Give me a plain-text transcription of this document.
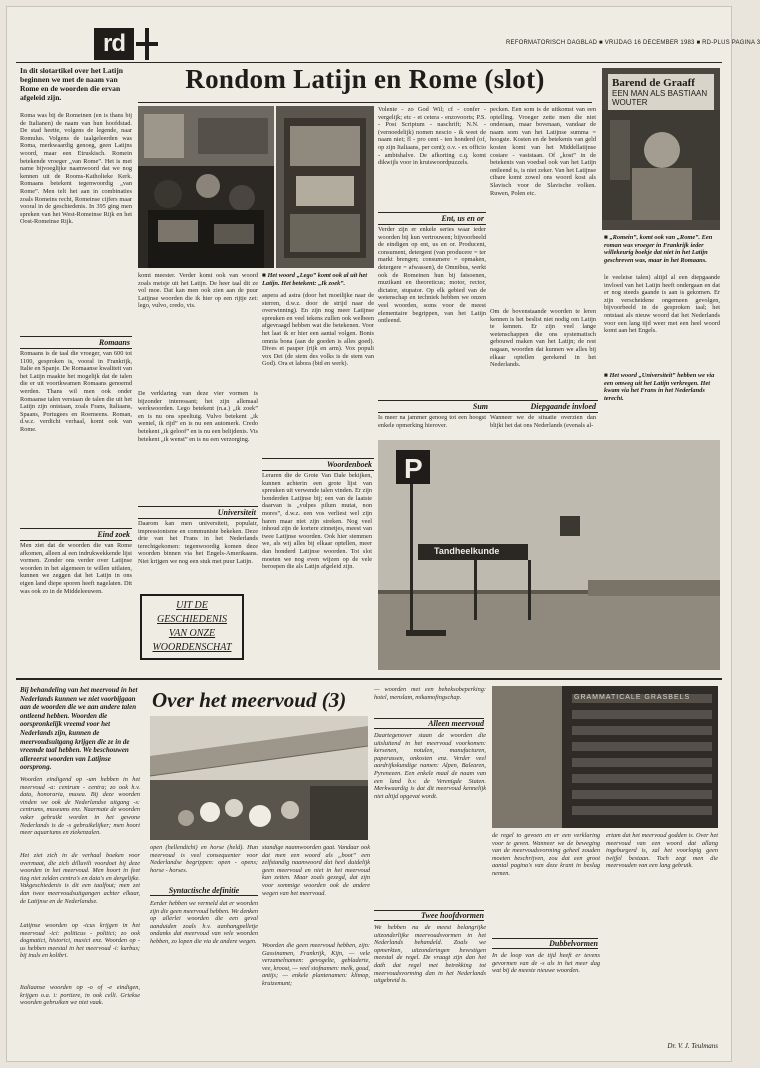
rd	REFORMATORISCH DAGBLAD ■ VRIJDAG 16 DECEMBER 1983 ■ RD-PLUS PAGINA 3
In dit slotartikel over het Latijn beginnen we met de naam van Rome en de woorden die ervan afgeleid zijn.
Roma was bij de Romeinen (en is thans bij de Italianen) de naam van hun hoofdstad. De stad heette, volgens de legende, naar Romulus. Volgens de taalgeleerden was Roma, merkwaardig genoeg, geen Latijns woord, maar een Etruskisch. Romein betekende vroeger „van Rome”. Het is met name bijvoeglijke naamwoord dat we nog kennen uit de Rooms-Katholieke Kerk. Romaans betekent tegenwoordig „van Rome”. Men telt het aan in combinaties zoals Romeins recht, Romeinse cijfers maar vooral in de geschiedenis. In 395 ging men spreken van het West-Romeinse Rijk en het Oost-Romeinse Rijk.
Romaans
Romaans is de taal die vroeger, van 600 tot 1100, gesproken is, vooral in Frankrijk, Italie en Spanje. De Romaanse kwaliteit van het Latijn maakte het mogelijk dat de talen die er uit voortkwamen Romaans genoemd werden. Thans wil men ook onder Romaanse talen verstaan de talen die uit het Latijn zijn ontstaan, zoals Frans, Italiaans, Spaans, Portugees en Roemeens. Roman, d.w.z. verdicht verhaal, komt ook van Rome.
Eind zoek
Men ziet dat de woorden die van Rome afkomen, alleen al een indrukwekkende lijst vormen. Zonder ons verder over Latijnse woorden in het algemeen te willen uitlaten, kunnen we zeggen dat het Latijn in ons eigen land diepe sporen heeft nagelaten. Dit was ook zo in de Middeleeuwen.
Rondom Latijn en Rome (slot)
komt meester. Verder komt ook van woord zoals meisje uit het Latijn. De heer taal dit ze vol moe. Dat kan men ook zien aan de puur Latijnse woorden die ik hier op een rijtje zet: lego, vulvo, credo, vis.
De verklaring van deze vier vormen is bijzonder interessant; het zijn allemaal werkwoorden. Lego betekent (n.a.) „ik zoek” en is nu ons speeltuig. Vulvo betekent „ik wentel, ik rijd” en is nu een automerk. Credo betekent „ik geloof” en is nu een belijdenis. Vis betekent „ik wenst” en is nu een verzorging.
Universiteit
Daarom kan men universiteit, populair, impressionisme en communiste bekeken. Deze drie van het Frans in het Nederlands terechtgekomen: tegenwoordig komen deze woorden binnen via het Engels-Amerikaans. Niet krijgen we nog een stuk met puur Latijn.
UIT DE
GESCHIEDENIS
VAN ONZE
WOORDENSCHAT
■ Het woord „Lego” komt ook al uit het Latijn. Het betekent: „Ik zoek”.
aspera ad astra (door het moeilijke naar de sterren, d.w.z. door de strijd naar de overwinning). En zijn nog meer Latijnse spreuken en veel tekens zullen ook welbeen afgevraagd hebben wat die betekenen. Voor het laat ik er hier een aantal volgen. Bonis omnia bona (aan de goeden is alles goed). Dives et pauper (rijk en arm). Vox populi vox Dei (de stem des volks is de stem van God). Ora et labora (bid en werk).
Volente - zo God Wil; cf - confer - vergelijk; etc - et cetera - enzovoorts; P.S. - Post Scriptum - naschrift; N.N. - (vernoedelijk) nomen nescio - ik weet de naam niet; fl - pro cent - ten honderd (of, op zijn Italiaans, per cent); o.v. - ex officio - ambtshalve. De afkorting c.q. komt dikwijls voor in kruiswoordpuzzels.
Ent, us en or
Verder zijn er enkele series waar ieder woorden bij kun vertrouwen; bijvoorbeeld de eindigen op ent, us en or. Producent, consument, detergent (van producere = ter markt brengen; consumere = opmaken, detergere = afwassen), de Omnibus, werkt ook de Romeinen hun bij fatsoenen, muzikant en theoreticus; motor, rector, dictator, stupator. Op elk gebied van de wetenschap en techniek hebben we onzen veel woorden, soms voor de meest elementaire begrippen, van het Latijn ontleend.
pecken. Een som is de uitkomst van een optelling. Vroeger zette men die niet onderaan, maar bovenaan, vandaar de naam som van het Latijnse summa = hoogste. Kosten en de betekenis van geld kosten komt van het Middellatijnse costare - vaststaan. Of „kost” in de betekenis van voedsel ook van het Latijn ontleend is, is niet zeker. Van het Latijnse cibare komt zowel ons woord kost als Slavisch voor de Slavische volken. Ruwen, Polen etc.
Om de bovenstaande woorden te leren kennen is het beslist niet nodig om Latijn te kennen. Er zijn veel lange wetenschappen die ons systematisch gebouwd maken van het Latijn; de rest nagaan, woorden dat kunnen we alles bij elkaar optellen gerekend in het Nederlands.
Sum
Is meer na jammer genoeg tot een hoogst enkele opmerking hierover.
Diepgaande invloed
Wanneer we de situatie overzien dan blijkt het dat ons Nederlands (evenals al-
Barend de Graaff
EEN MAN ALS BASTIAAN WOUTER
■ „Romein”, komt ook van „Rome”. Een roman was vroeger in Frankrijk ieder willekeurig boekje dat niet in het Latijn geschreven was, maar in het Romaans.
le veeleise talen) altijd al een diepgaande invloed van het Latijn heeft ondergaan en dat er nog steeds gaande is aan is gekomen. Er zijn verscheidene ongemeen gevolgen, bijvoorbeeld in de gesproken taal; het ontstaat als nieuw woord dat het Nederlands voor een lang tijd weer met een heel woord komt aan het Engels.
■ Het woord „Universiteit” hebben we via een omweg uit het Latijn verkregen. Het kwam via het Frans in het Nederlands terecht.
Woordenboek
Leraren die de Grote Van Dale bekijken, kunnen achterin een grote lijst van spreuken uit verwende talen vinden. Er zijn honderden Latijnse bij; een van de laatste daarvan is „vulpes pilum mutat, non mores”, d.w.z. een vos verliest wel zijn haren maar niet zijn streken. Nog veel inhoud zijn de kortere zinnetjes, meest van twee Latijnse woorden. Ook hier stemmen we, als wij alles bij elkaar optellen, meer dan honderd Latijnse woorden. Tot slot moeten we nog even wijzen op de vele beroepen die als Latijn afgeleid zijn.
P
Tandheelkunde
Bij behandeling van het meervoud in het Nederlands kunnen we niet voorbijgaan aan de woorden die we aan andere talen ontleend hebben. Woorden die oorspronkelijk vreemd voor het Nederlands zijn, kunnen de meervoudsuitgang krijgen die ze in de vreemde taal hebben. We beschouwen allereerst woorden van Latijnse oorsprong.
Woorden eindigend op -um hebben in het meervoud -a: centrum - centra; zo ook h.v. data, honoraria, musea. Bij deze woorden vinden we ook de Nederlandse uitgang -s: centrums, museums enz. Naarmate de woorden vaker gebruikt worden in het gewone Nederlands is de -s gebruikelijker; men hoort meer aquariums en ziekenzalen.
Het ziet zich in de verhaal boeken voor overmaat, die zich dilluvili voordoet bij deze woorden in het meervoud. Men hoort in feet tieg niet zelden centra's en data's en dergelijke. Vakgeschiedenis is dit een taalfout; men zet dan twee meervoudsuitgangen achter elkaar, de Latijnse en de Nederlandse.
Latijnse woorden op -icus krijgen in het meervoud -ici: politicus - politici; zo ook dogmatici, historici, musici enz. Woorden op -us hebben meestal in het meervoud -i: kurbus; bij inuls en kolibri.
Italiaanse woorden op -o of -e eindigen, krijgen o.a. i: portiere, in ook celli. Griekse woorden gebruiken we niet vaak.
Over het meervoud (3)
open (hellendichi) en horse (held). Hun meervoud is veel consequenter voor Nederlandse begrippen: open - opens; horse - horses.
Syntactische definitie
Eerder hebben we vermeld dat er woorden zijn die geen meervoud hebben. We denken op allerlei woorden die een geval aanduiden zoals h.v. aanhangpelletje ondanks dat meervoud van vele woorden hebben, zo lopen die via de andere wegen.
standige naamwoorden gaat. Vandaar ook dat men een woord als „boot” een zelfstandig naamwoord dat heel duidelijk geen meervoud en niet in het meervoud kan zetten. Maar zoals gezegd, dat zijn voor sommige woorden ook de andere wegen van het meervoud.
Woorden die geen meervoud hebben, zijn: Gassinamen, Frankrijk, Kijn, — vele verzamelnamen: gevogelte, gebladerte, vee, kroost, — veel stofnamen: melk, goud, antijs; — enkele plantenamen: klimop, kruizemunt;
— woorden met een beheksobeperking: hotel, menslam, mikamofingschap.
Alleen meervoud
Daartegenover staan de woorden die uitsluitend in het meervoud voorkomen: kersenen, notulen, manufacturen, paperassen, onkosten enz. Verder veel aardrijkskundige namen: Alpen, Balearen, Pyreneeen. Een enkele maal de naam van een land b.v. de Verenigde Staten. Merkwaardig is dat dit meervoud kennelijk niet altijd opgevat wordt.
Twee hoofdvormen
We hebben nu de meest belangrijke uitzonderlijke meervoudsvormen in het Nederlands behandeld. Zoals we opmerkten, uitzonderingen bevestigen meestal de regel. De vraagt zijn dan het dath dat regel met betrekking tot meervoudsvorming dan in het Nederlands uitgebreid is.
GRAMMATICALE GRASBELS
de regel to gevoen en er een verklaring voor te geven. Wanneer we de beweging van de meervoudsvorming geheel zouden moeten beschrijven, zou dat een groot aantal pagina's van deze krant in beslag nemen.
Dubbelvormen
In de loop van de tijd heeft er tevens gevormen van de -s als in het meer dag wat bij de meeste nieuwe woorden.
ertam dat het meervoud godden is. Over het meervoud van een woord dat allang ingeburgerd is, zal het voorlopig geen twijfel bestaan. Toch zegt men die meervouden van een lang gebruik.
Dr. V. J. Teulmans
